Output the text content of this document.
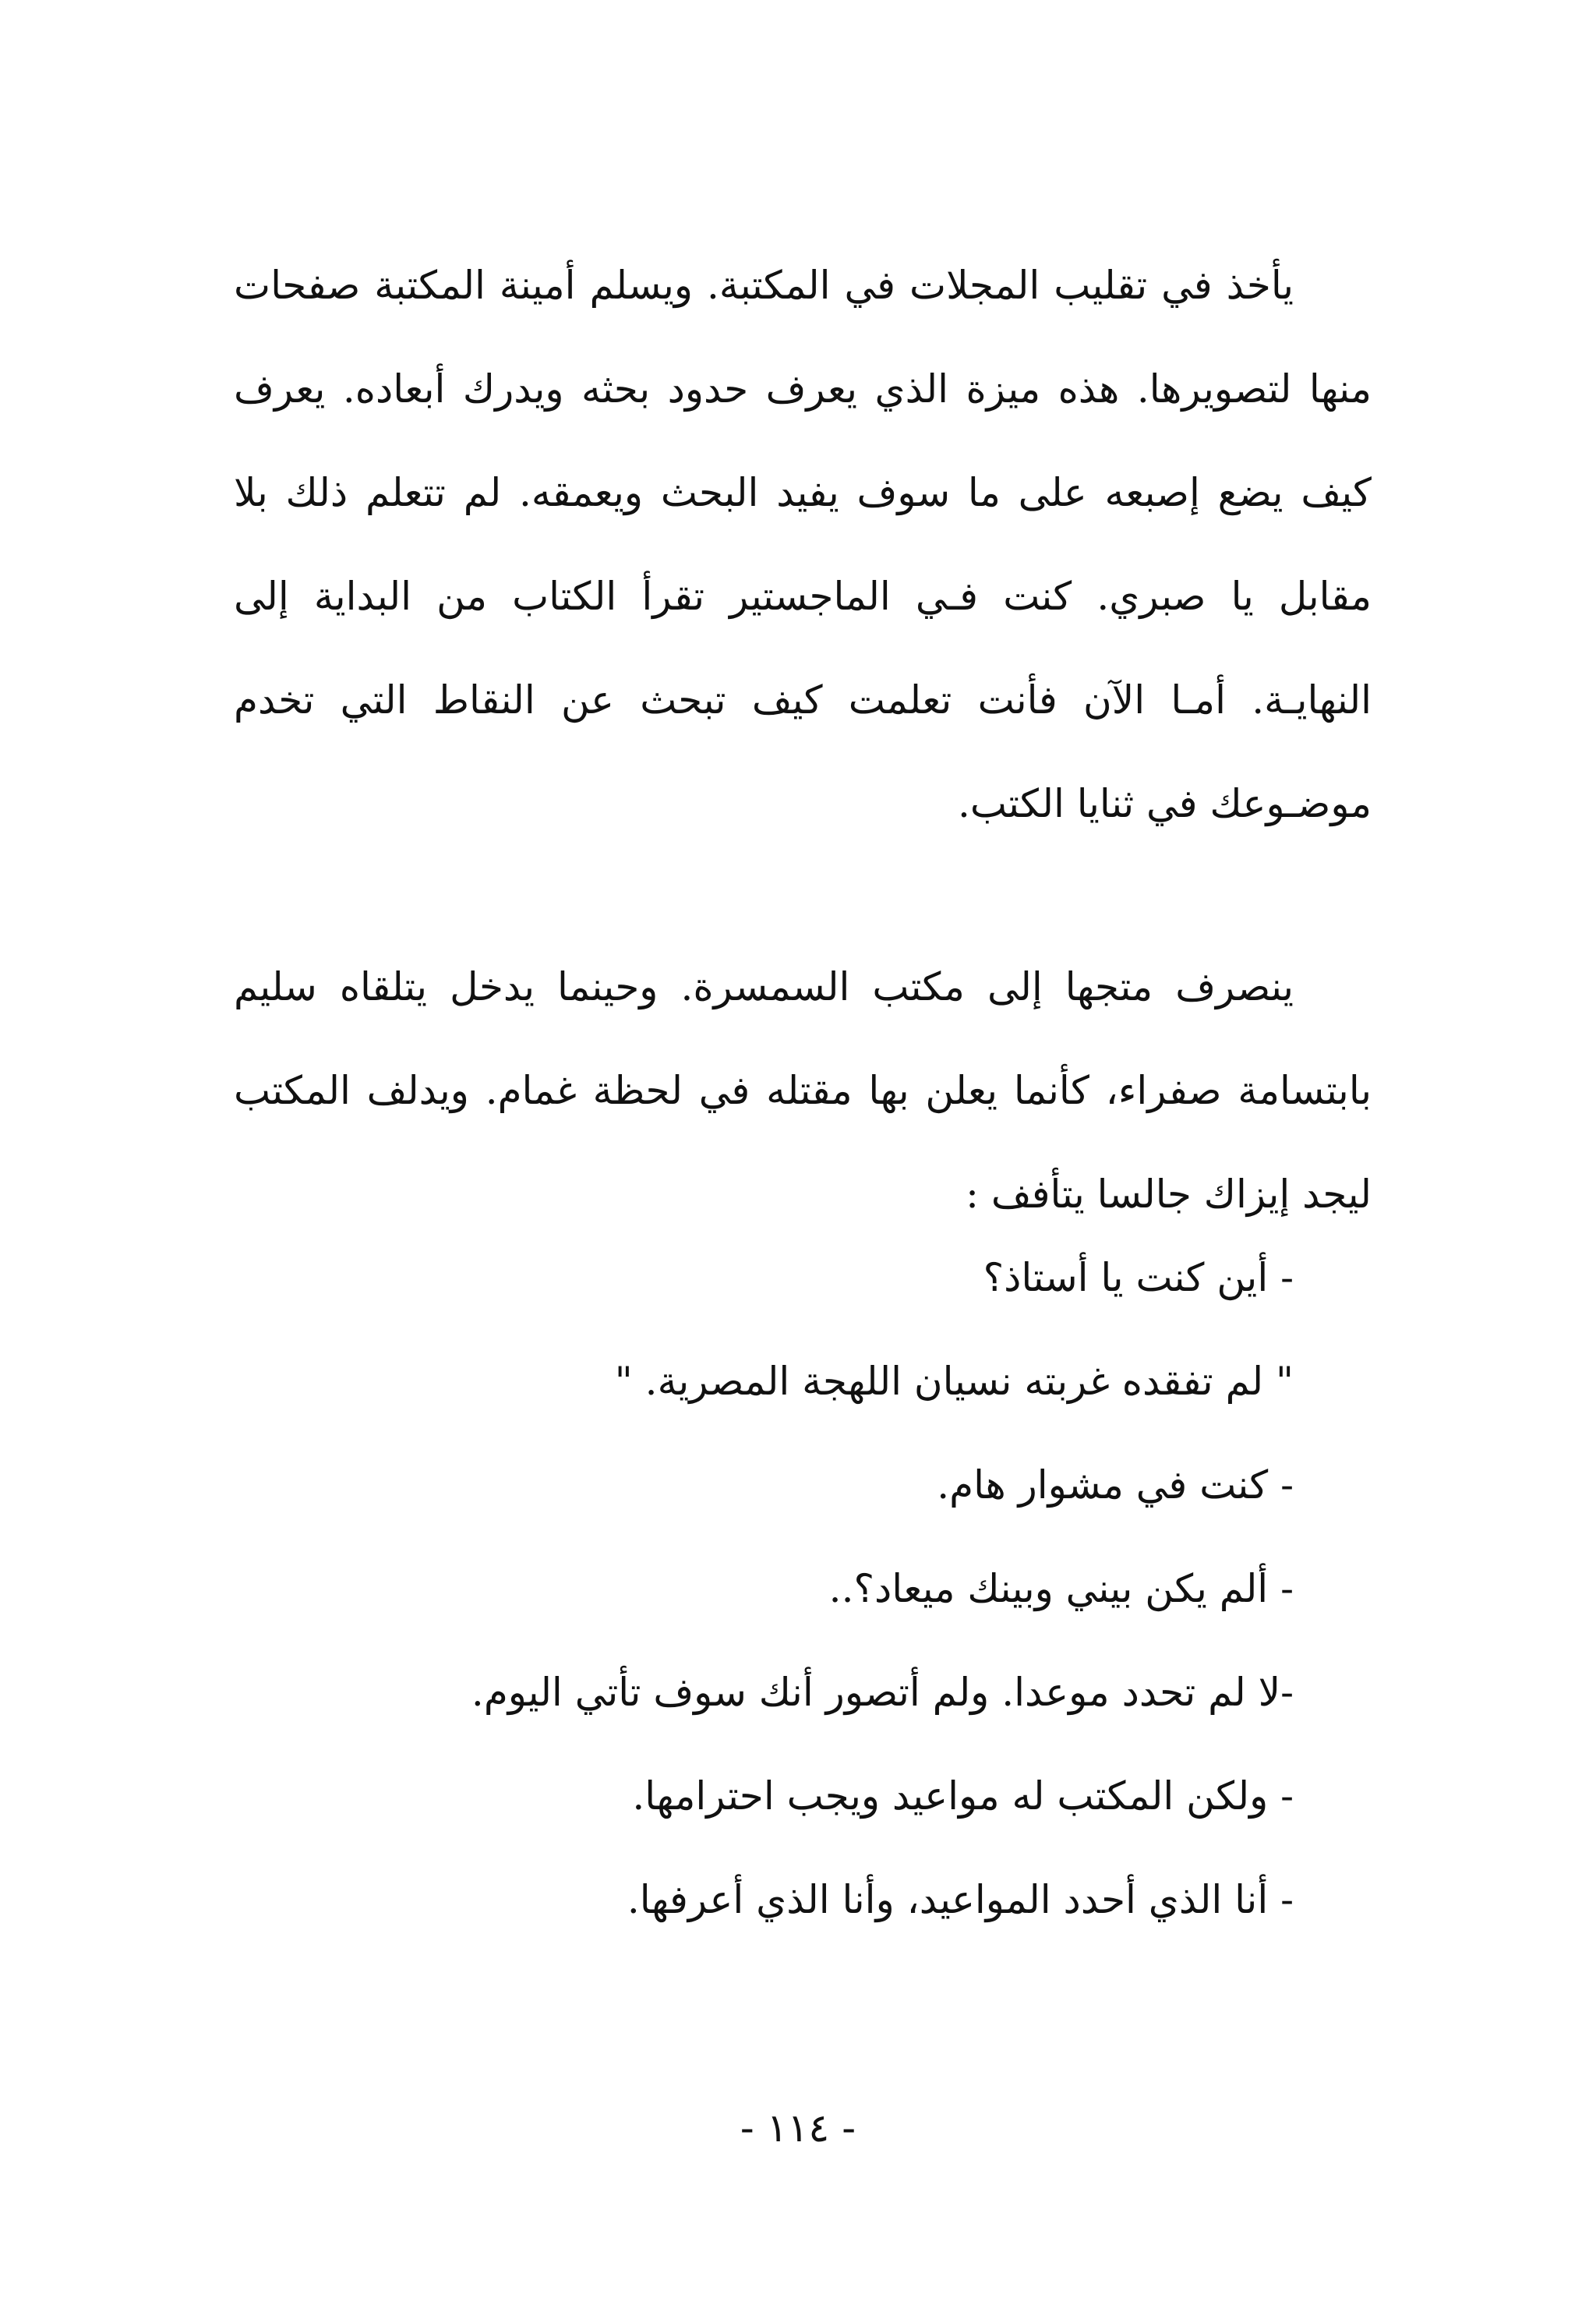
يأخذ في تقليب المجلات في المكتبة. ويسلم أمينة المكتبة صفحات منها لتصويرها. هذه ميزة الذي يعرف حدود بحثه ويدرك أبعاده. يعرف كيف يضع إصبعه على ما سوف يفيد البحث ويعمقه. لم تتعلم ذلك بلا مقابل يا صبري. كنت فـي الماجستير تقرأ الكتاب من البداية إلى النهايـة. أمـا الآن فأنت تعلمت كيف تبحث عن النقاط التي تخدم موضـوعك في ثنايا الكتب.

ينصرف متجها إلى مكتب السمسرة. وحينما يدخل يتلقاه سليم بابتسامة صفراء، كأنما يعلن بها مقتله في لحظة غمام. ويدلف المكتب ليجد إيزاك جالسا يتأفف :

- أين كنت يا أستاذ؟

" لم تفقده غربته نسيان اللهجة المصرية. "

- كنت في مشوار هام.

- ألم يكن بيني وبينك ميعاد؟..

-لا لم تحدد موعدا. ولم أتصور أنك سوف تأتي اليوم.

- ولكن المكتب له مواعيد ويجب احترامها.

- أنا الذي أحدد المواعيد، وأنا الذي أعرفها.

- ١١٤ -
